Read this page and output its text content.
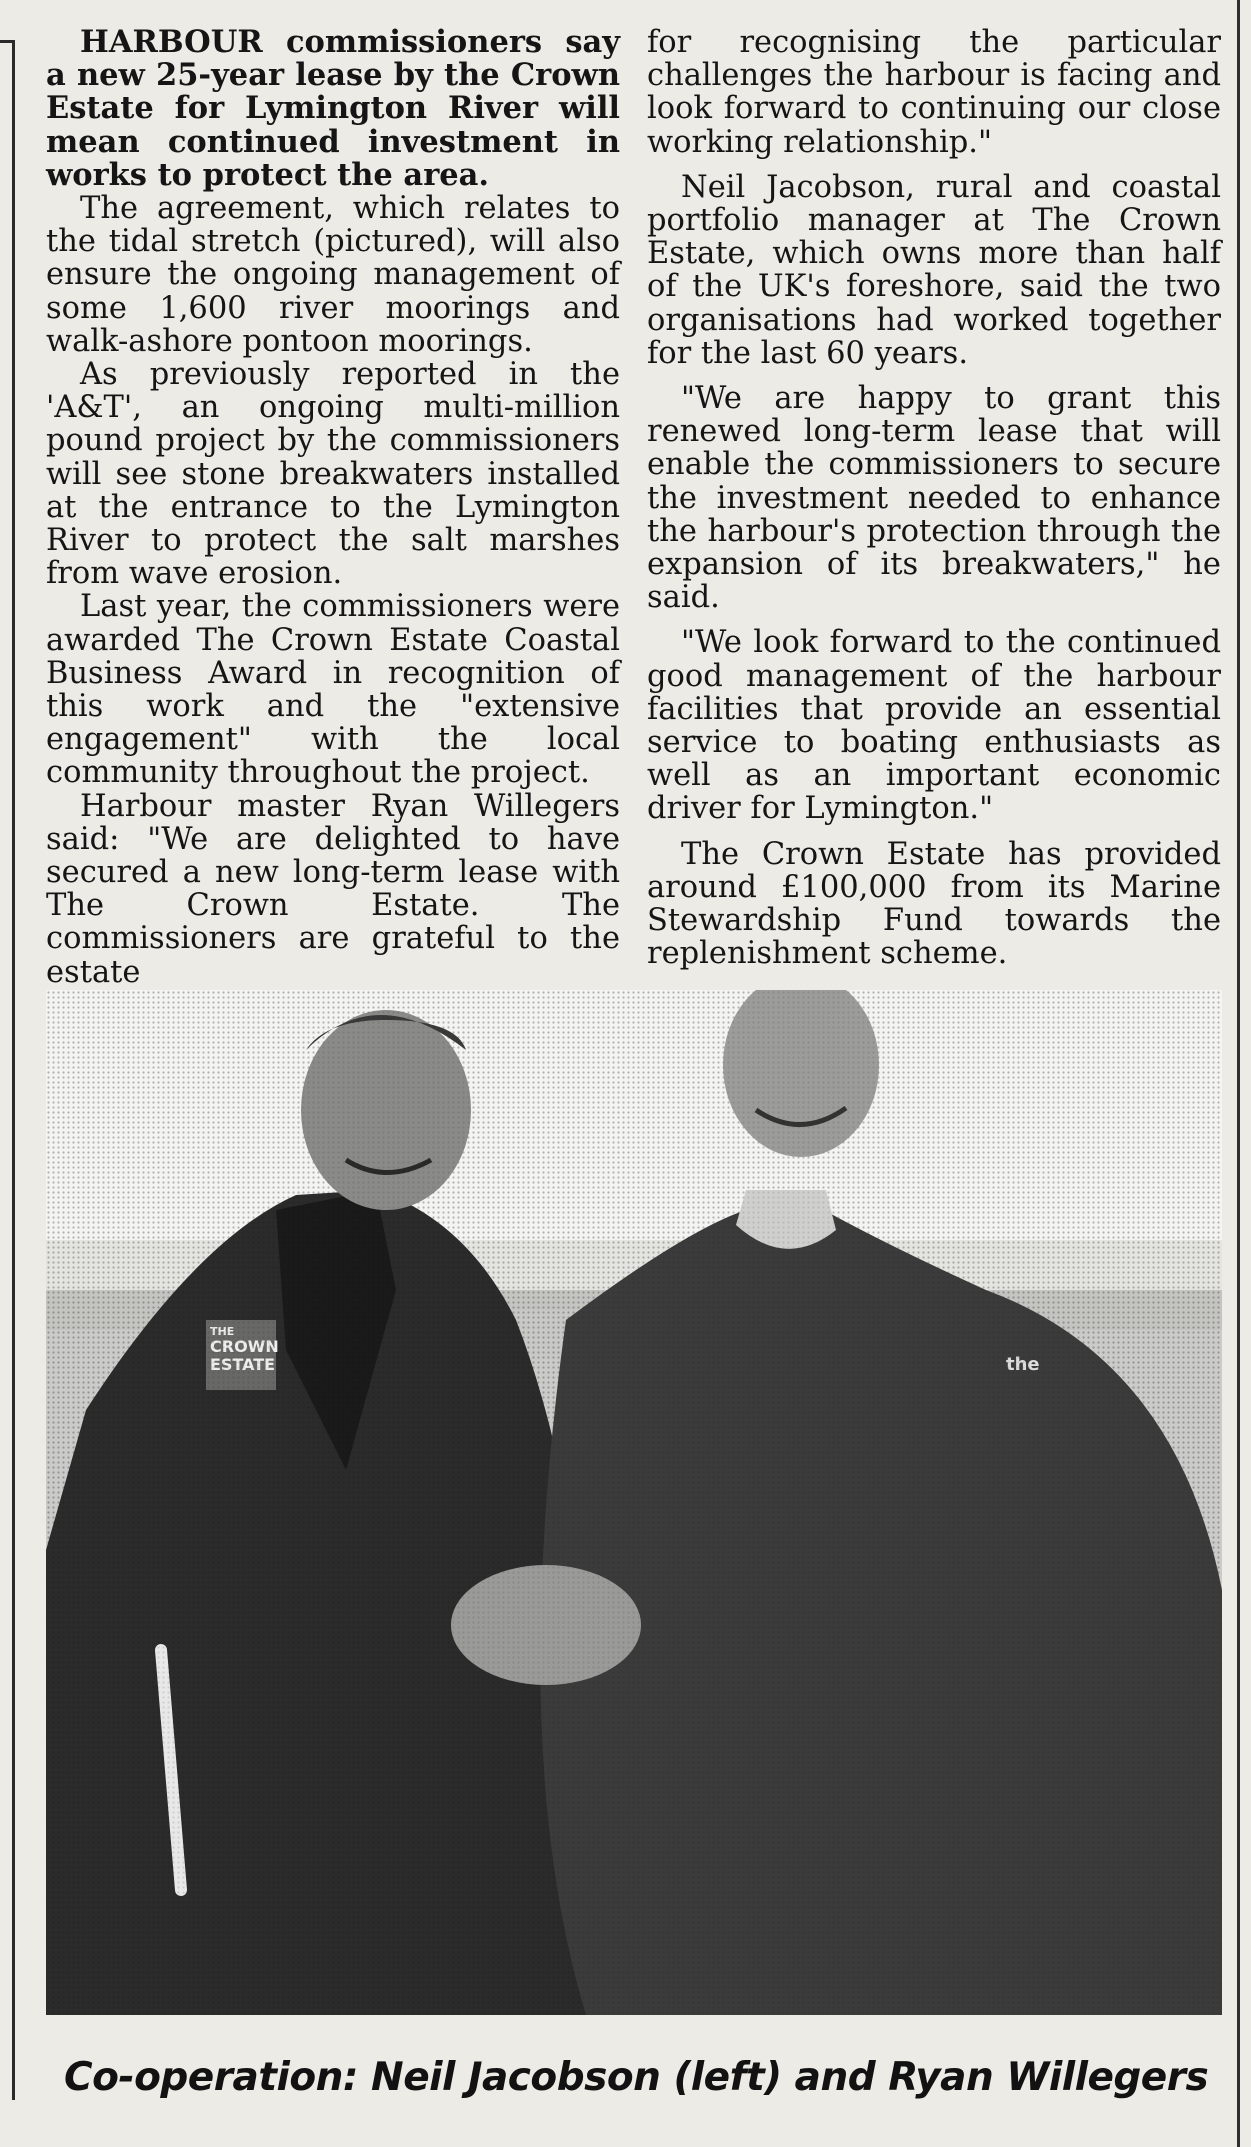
HARBOUR commissioners say a new 25-year lease by the Crown Estate for Lymington River will mean continued investment in works to protect the area.

The agreement, which relates to the tidal stretch (pictured), will also ensure the ongoing management of some 1,600 river moorings and walk-ashore pontoon moorings.

As previously reported in the 'A&T', an ongoing multi-million pound project by the commissioners will see stone breakwaters installed at the entrance to the Lymington River to protect the salt marshes from wave erosion.

Last year, the commissioners were awarded The Crown Estate Coastal Business Award in recognition of this work and the "extensive engagement" with the local community throughout the project.

Harbour master Ryan Willegers said: "We are delighted to have secured a new long-term lease with The Crown Estate. The commissioners are grateful to the estate

for recognising the particular challenges the harbour is facing and look forward to continuing our close working relationship."

Neil Jacobson, rural and coastal portfolio manager at The Crown Estate, which owns more than half of the UK's foreshore, said the two organisations had worked together for the last 60 years.

"We are happy to grant this renewed long-term lease that will enable the commissioners to secure the investment needed to enhance the harbour's protection through the expansion of its breakwaters," he said.

"We look forward to the continued good management of the harbour facilities that provide an essential service to boating enthusiasts as well as an important economic driver for Lymington."

The Crown Estate has provided around £100,000 from its Marine Stewardship Fund towards the replenishment scheme.

Co-operation: Neil Jacobson (left) and Ryan Willegers
